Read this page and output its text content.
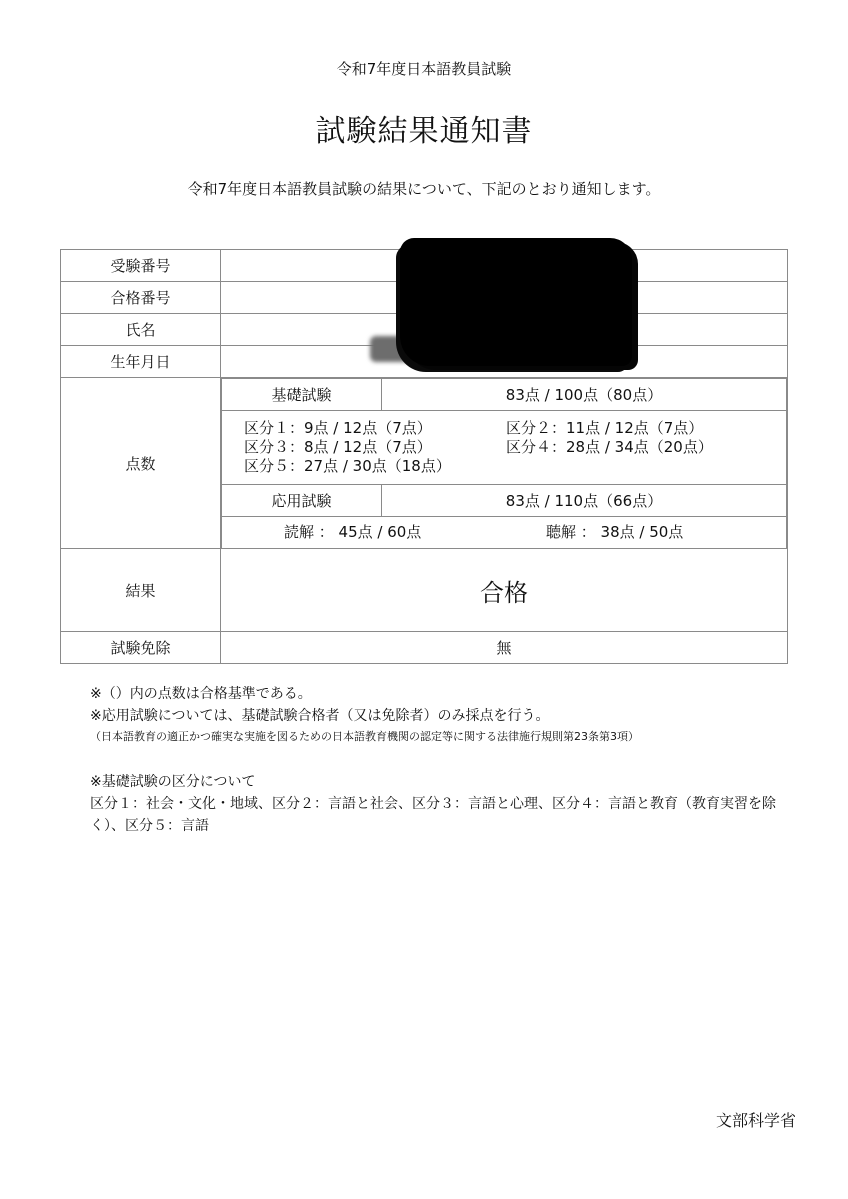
令和7年度日本語教員試験
試験結果通知書
令和7年度日本語教員試験の結果について、下記のとおり通知します。
受験番号	
合格番号	
氏名	
生年月日	
点数	
基礎試験	83点 / 100点（80点）

区分１：9点 / 12点（7点）	区分２：11点 / 12点（7点）
区分３：8点 / 12点（7点）	区分４：28点 / 34点（20点）
区分５：27点 / 30点（18点）

応用試験	83点 / 110点（66点）

読解 ： 45点 / 60点	聴解 ： 38点 / 50点

結果	合格
試験免除	無
※（）内の点数は合格基準である。
※応用試験については、基礎試験合格者（又は免除者）のみ採点を行う。
（日本語教育の適正かつ確実な実施を図るための日本語教育機関の認定等に関する法律施行規則第23条第3項）
※基礎試験の区分について
区分１：社会・文化・地域、区分２：言語と社会、区分３：言語と心理、区分４：言語と教育（教育実習を除く）、区分５：言語
文部科学省
